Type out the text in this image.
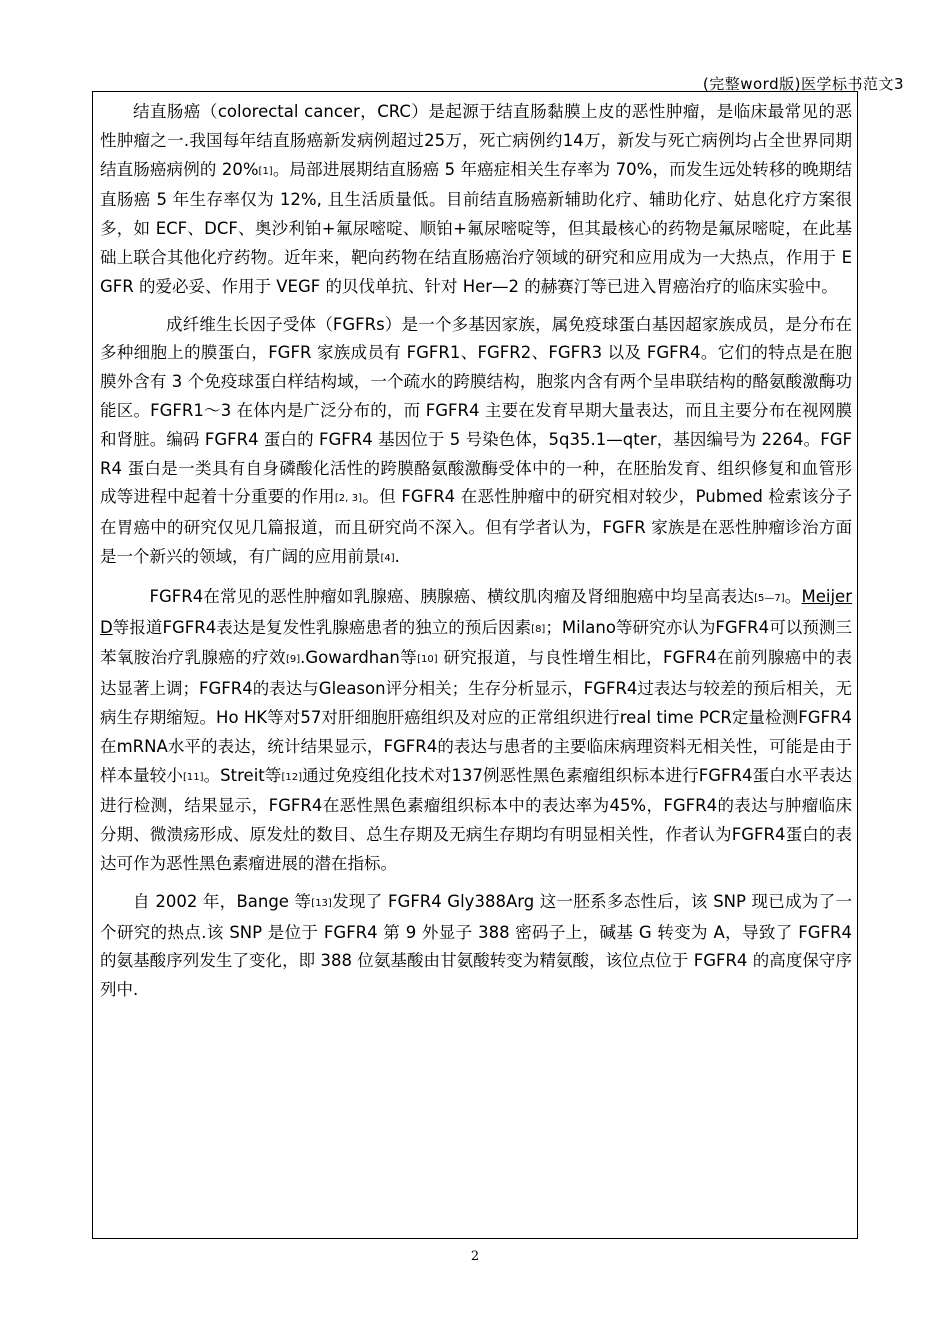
(完整word版)医学标书范文3

结直肠癌（colorectal cancer，CRC）是起源于结直肠黏膜上皮的恶性肿瘤，是临床最常见的恶性肿瘤之一.我国每年结直肠癌新发病例超过25万，死亡病例约14万，新发与死亡病例均占全世界同期结直肠癌病例的 20%[1]。局部进展期结直肠癌 5 年癌症相关生存率为 70%，而发生远处转移的晚期结直肠癌 5 年生存率仅为 12%, 且生活质量低。目前结直肠癌新辅助化疗、辅助化疗、姑息化疗方案很多，如 ECF、DCF、奥沙利铂+氟尿嘧啶、顺铂+氟尿嘧啶等，但其最核心的药物是氟尿嘧啶，在此基础上联合其他化疗药物。近年来，靶向药物在结直肠癌治疗领域的研究和应用成为一大热点，作用于 EGFR 的爱必妥、作用于 VEGF 的贝伐单抗、针对 Her—2 的赫赛汀等已进入胃癌治疗的临床实验中。

成纤维生长因子受体（FGFRs）是一个多基因家族，属免疫球蛋白基因超家族成员，是分布在多种细胞上的膜蛋白，FGFR 家族成员有 FGFR1、FGFR2、FGFR3 以及 FGFR4。它们的特点是在胞膜外含有 3 个免疫球蛋白样结构域，一个疏水的跨膜结构，胞浆内含有两个呈串联结构的酪氨酸激酶功能区。FGFR1～3 在体内是广泛分布的，而 FGFR4 主要在发育早期大量表达，而且主要分布在视网膜和肾脏。编码 FGFR4 蛋白的 FGFR4 基因位于 5 号染色体，5q35.1—qter，基因编号为 2264。FGFR4 蛋白是一类具有自身磷酸化活性的跨膜酪氨酸激酶受体中的一种，在胚胎发育、组织修复和血管形成等进程中起着十分重要的作用[2, 3]。但 FGFR4 在恶性肿瘤中的研究相对较少，Pubmed 检索该分子在胃癌中的研究仅见几篇报道，而且研究尚不深入。但有学者认为，FGFR 家族是在恶性肿瘤诊治方面是一个新兴的领域，有广阔的应用前景[4].

FGFR4在常见的恶性肿瘤如乳腺癌、胰腺癌、横纹肌肉瘤及肾细胞癌中均呈高表达[5—7]。Meijer D等报道FGFR4表达是复发性乳腺癌患者的独立的预后因素[8]；Milano等研究亦认为FGFR4可以预测三苯氧胺治疗乳腺癌的疗效[9].Gowardhan等[10] 研究报道，与良性增生相比，FGFR4在前列腺癌中的表达显著上调；FGFR4的表达与Gleason评分相关；生存分析显示，FGFR4过表达与较差的预后相关，无病生存期缩短。Ho HK等对57对肝细胞肝癌组织及对应的正常组织进行real time PCR定量检测FGFR4在mRNA水平的表达，统计结果显示，FGFR4的表达与患者的主要临床病理资料无相关性，可能是由于样本量较小[11]。Streit等[12]通过免疫组化技术对137例恶性黑色素瘤组织标本进行FGFR4蛋白水平表达进行检测，结果显示，FGFR4在恶性黑色素瘤组织标本中的表达率为45%，FGFR4的表达与肿瘤临床分期、微溃疡形成、原发灶的数目、总生存期及无病生存期均有明显相关性，作者认为FGFR4蛋白的表达可作为恶性黑色素瘤进展的潜在指标。

自 2002 年，Bange 等[13]发现了 FGFR4 Gly388Arg 这一胚系多态性后，该 SNP 现已成为了一个研究的热点.该 SNP 是位于 FGFR4 第 9 外显子 388 密码子上，碱基 G 转变为 A，导致了 FGFR4 的氨基酸序列发生了变化，即 388 位氨基酸由甘氨酸转变为精氨酸，该位点位于 FGFR4 的高度保守序列中.

2
